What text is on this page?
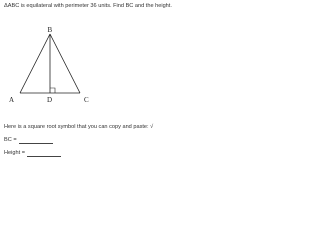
ΔABC is equilateral with perimeter 36 units. Find BC and the height.
B
A	D	C
Here is a square root symbol that you can copy and paste: √
BC =
Height =
